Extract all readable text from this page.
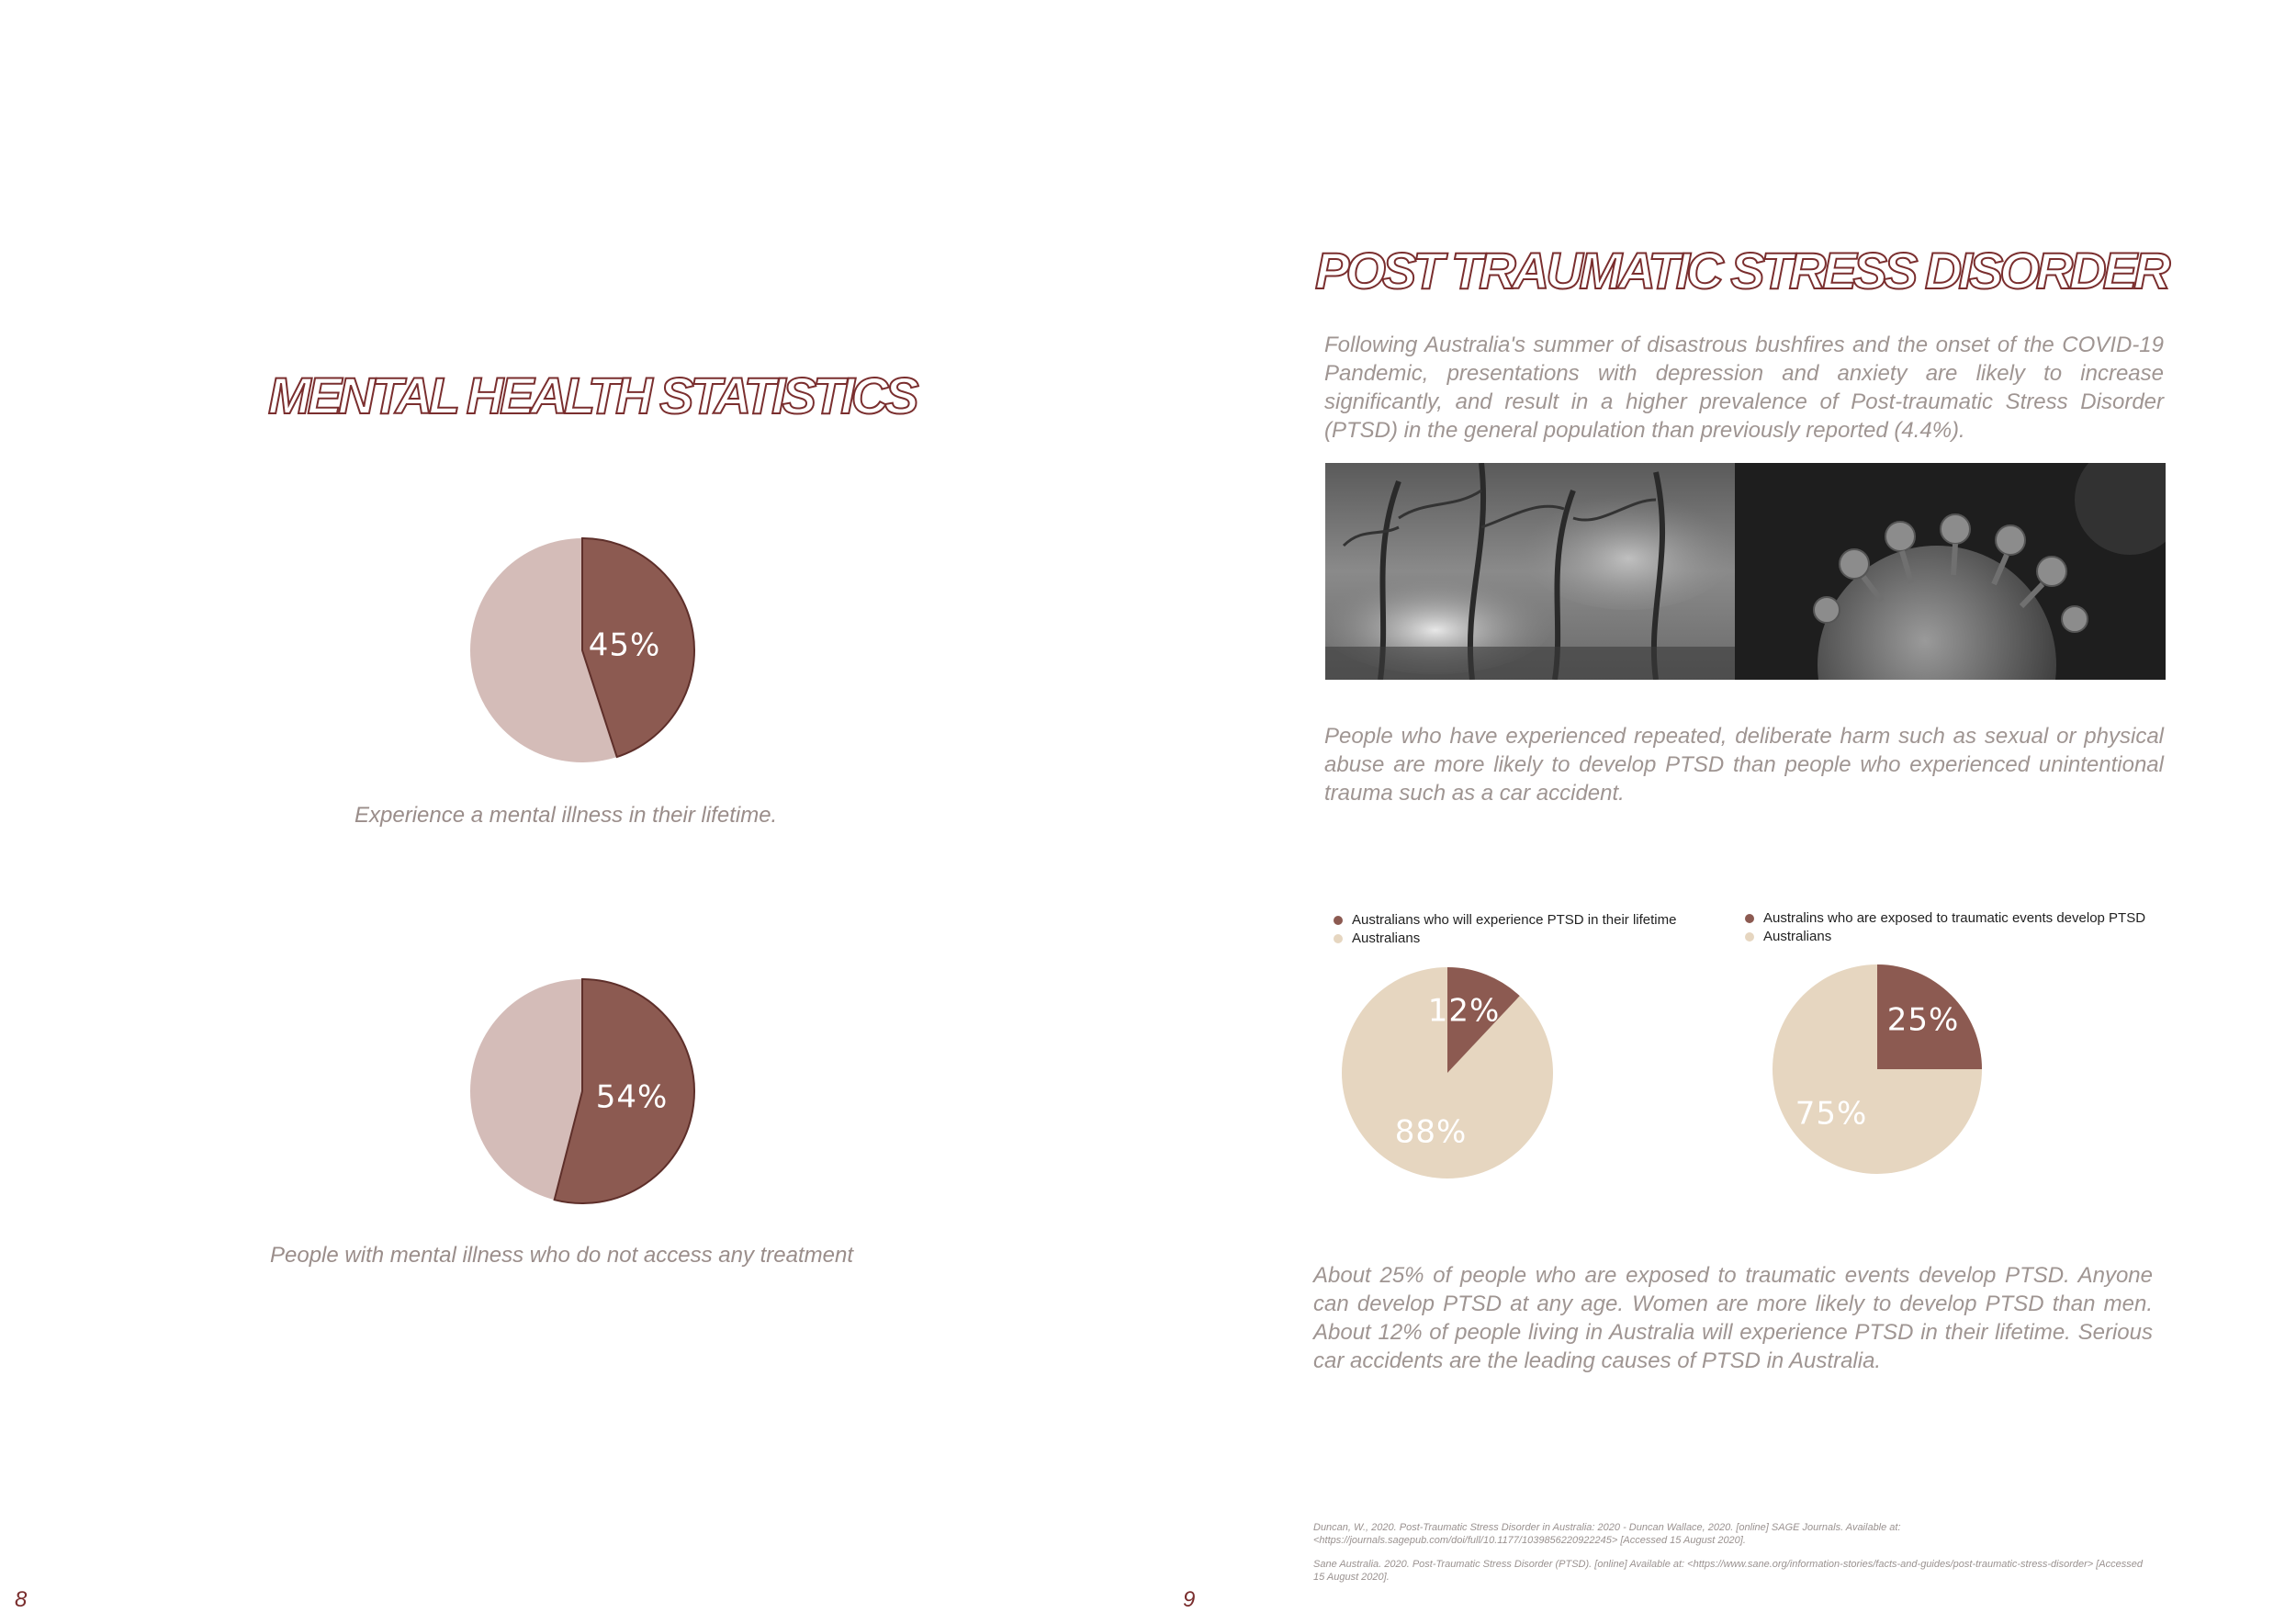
MENTAL HEALTH STATISTICS
45%
Experience a mental illness in their lifetime.
54%
People with mental illness who do not access any treatment
8
POST TRAUMATIC STRESS DISORDER
Following Australia's summer of disastrous bushfires and the onset of the COVID-19 Pandemic, presentations with depression and anxiety are likely to increase significantly, and result in a higher prevalence of Post-traumatic Stress Disorder (PTSD) in the general population than previously reported (4.4%).
People who have experienced repeated, deliberate harm such as sexual or physical abuse are more likely to develop PTSD than people who experienced unintentional trauma such as a car accident.
Australians who will experience PTSD in their lifetime
Australians
12%
88%
Australins who are exposed to traumatic events develop PTSD
Australians
25%
75%
About 25% of people who are exposed to traumatic events develop PTSD. Anyone can develop PTSD at any age. Women are more likely to develop PTSD than men. About 12% of people living in Australia will experience PTSD in their lifetime. Serious car accidents are the leading causes of PTSD in Australia.

Duncan, W., 2020. Post-Traumatic Stress Disorder in Australia: 2020 - Duncan Wallace, 2020. [online] SAGE Journals. Available at: <https://journals.sagepub.com/doi/full/10.1177/1039856220922245> [Accessed 15 August 2020].

Sane Australia. 2020. Post-Traumatic Stress Disorder (PTSD). [online] Available at: <https://www.sane.org/information-stories/facts-and-guides/post-traumatic-stress-disorder> [Accessed 15 August 2020].

9
